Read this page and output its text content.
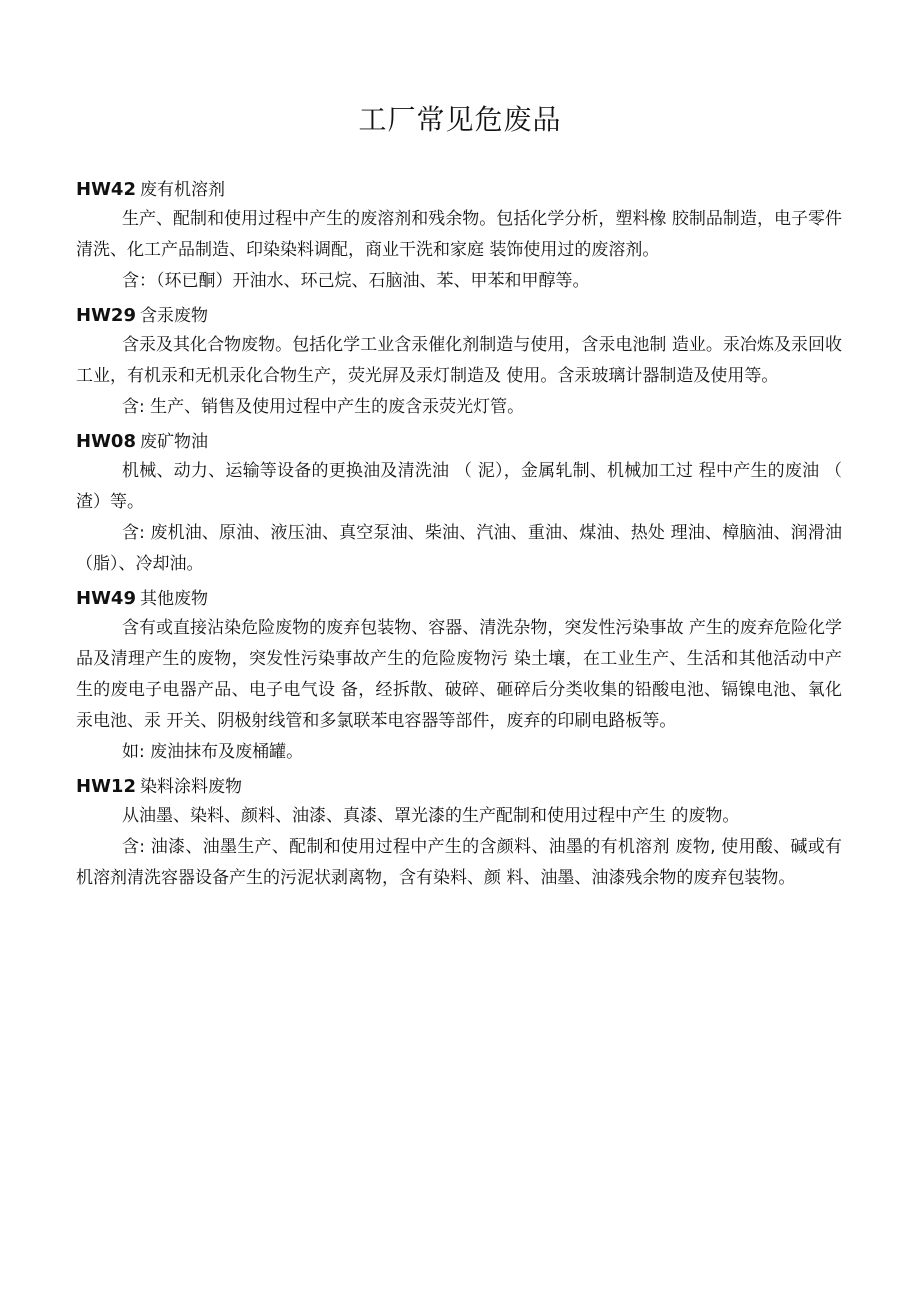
工厂常见危废品
HW42 废有机溶剂

生产、配制和使用过程中产生的废溶剂和残余物。包括化学分析，塑料橡 胶制品制造，电子零件清洗、化工产品制造、印染染料调配，商业干洗和家庭 装饰使用过的废溶剂。

含：（环已酮）开油水、环己烷、石脑油、苯、甲苯和甲醇等。

HW29 含汞废物

含汞及其化合物废物。包括化学工业含汞催化剂制造与使用，含汞电池制 造业。汞冶炼及汞回收工业，有机汞和无机汞化合物生产，荧光屏及汞灯制造及 使用。含汞玻璃计器制造及使用等。

含: 生产、销售及使用过程中产生的废含汞荧光灯管。

HW08 废矿物油

机械、动力、运输等设备的更换油及清洗油 （ 泥），金属轧制、机械加工过 程中产生的废油 （ 渣）等。

含: 废机油、原油、液压油、真空泵油、柴油、汽油、重油、煤油、热处 理油、樟脑油、润滑油 （脂）、冷却油。

HW49 其他废物

含有或直接沾染危险废物的废弃包装物、容器、清洗杂物，突发性污染事故 产生的废弃危险化学品及清理产生的废物，突发性污染事故产生的危险废物污 染土壤，在工业生产、生活和其他活动中产生的废电子电器产品、电子电气设 备，经拆散、破碎、砸碎后分类收集的铅酸电池、镉镍电池、氧化汞电池、汞 开关、阴极射线管和多氯联苯电容器等部件，废弃的印刷电路板等。

如: 废油抹布及废桶罐。

HW12 染料涂料废物

从油墨、染料、颜料、油漆、真漆、罩光漆的生产配制和使用过程中产生 的废物。

含: 油漆、油墨生产、配制和使用过程中产生的含颜料、油墨的有机溶剂 废物, 使用酸、碱或有机溶剂清洗容器设备产生的污泥状剥离物，含有染料、颜 料、油墨、油漆残余物的废弃包装物。
